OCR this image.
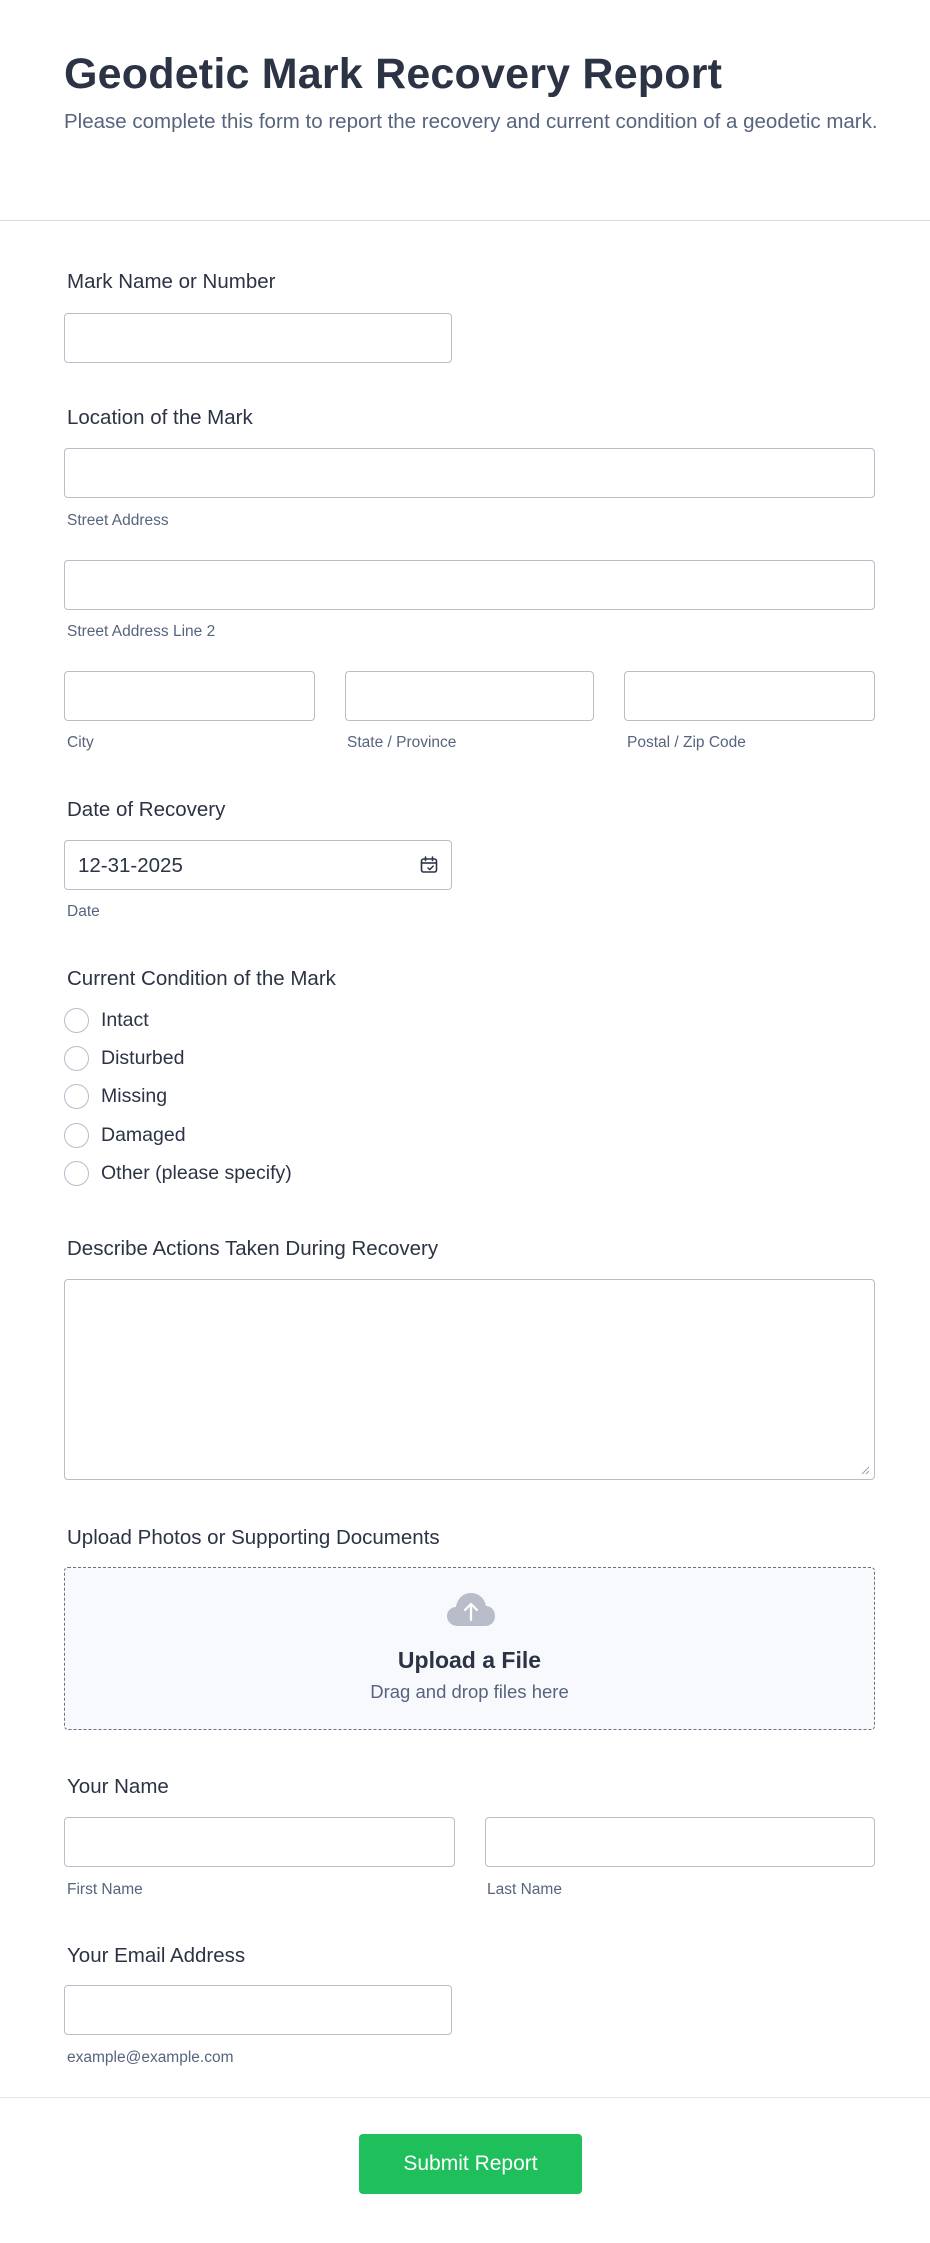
Geodetic Mark Recovery Report
Please complete this form to report the recovery and current condition of a geodetic mark.
Mark Name or Number
Location of the Mark
Street Address
Street Address Line 2
City	State / Province	Postal / Zip Code
Date of Recovery
12-31-2025
Date
Current Condition of the Mark
Intact
Disturbed
Missing
Damaged
Other (please specify)
Describe Actions Taken During Recovery
Upload Photos or Supporting Documents
Upload a File
Drag and drop files here
Your Name
First Name	Last Name
Your Email Address
example@example.com
Submit Report
